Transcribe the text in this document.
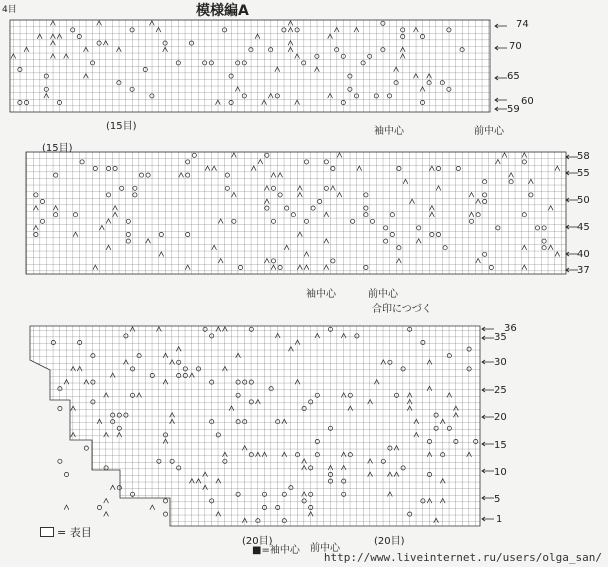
模様編A
4目
74
70
65
60
59
(15目)	袖中心	前中心
58
55
50
45
40
37
(15目)
袖中心	前中心
合印につづく
36
35
30
25
20
15
10
5
1
(20目)	(20目)
■=袖中心 前中心
= 表目
http://www.liveinternet.ru/users/olga_san/
